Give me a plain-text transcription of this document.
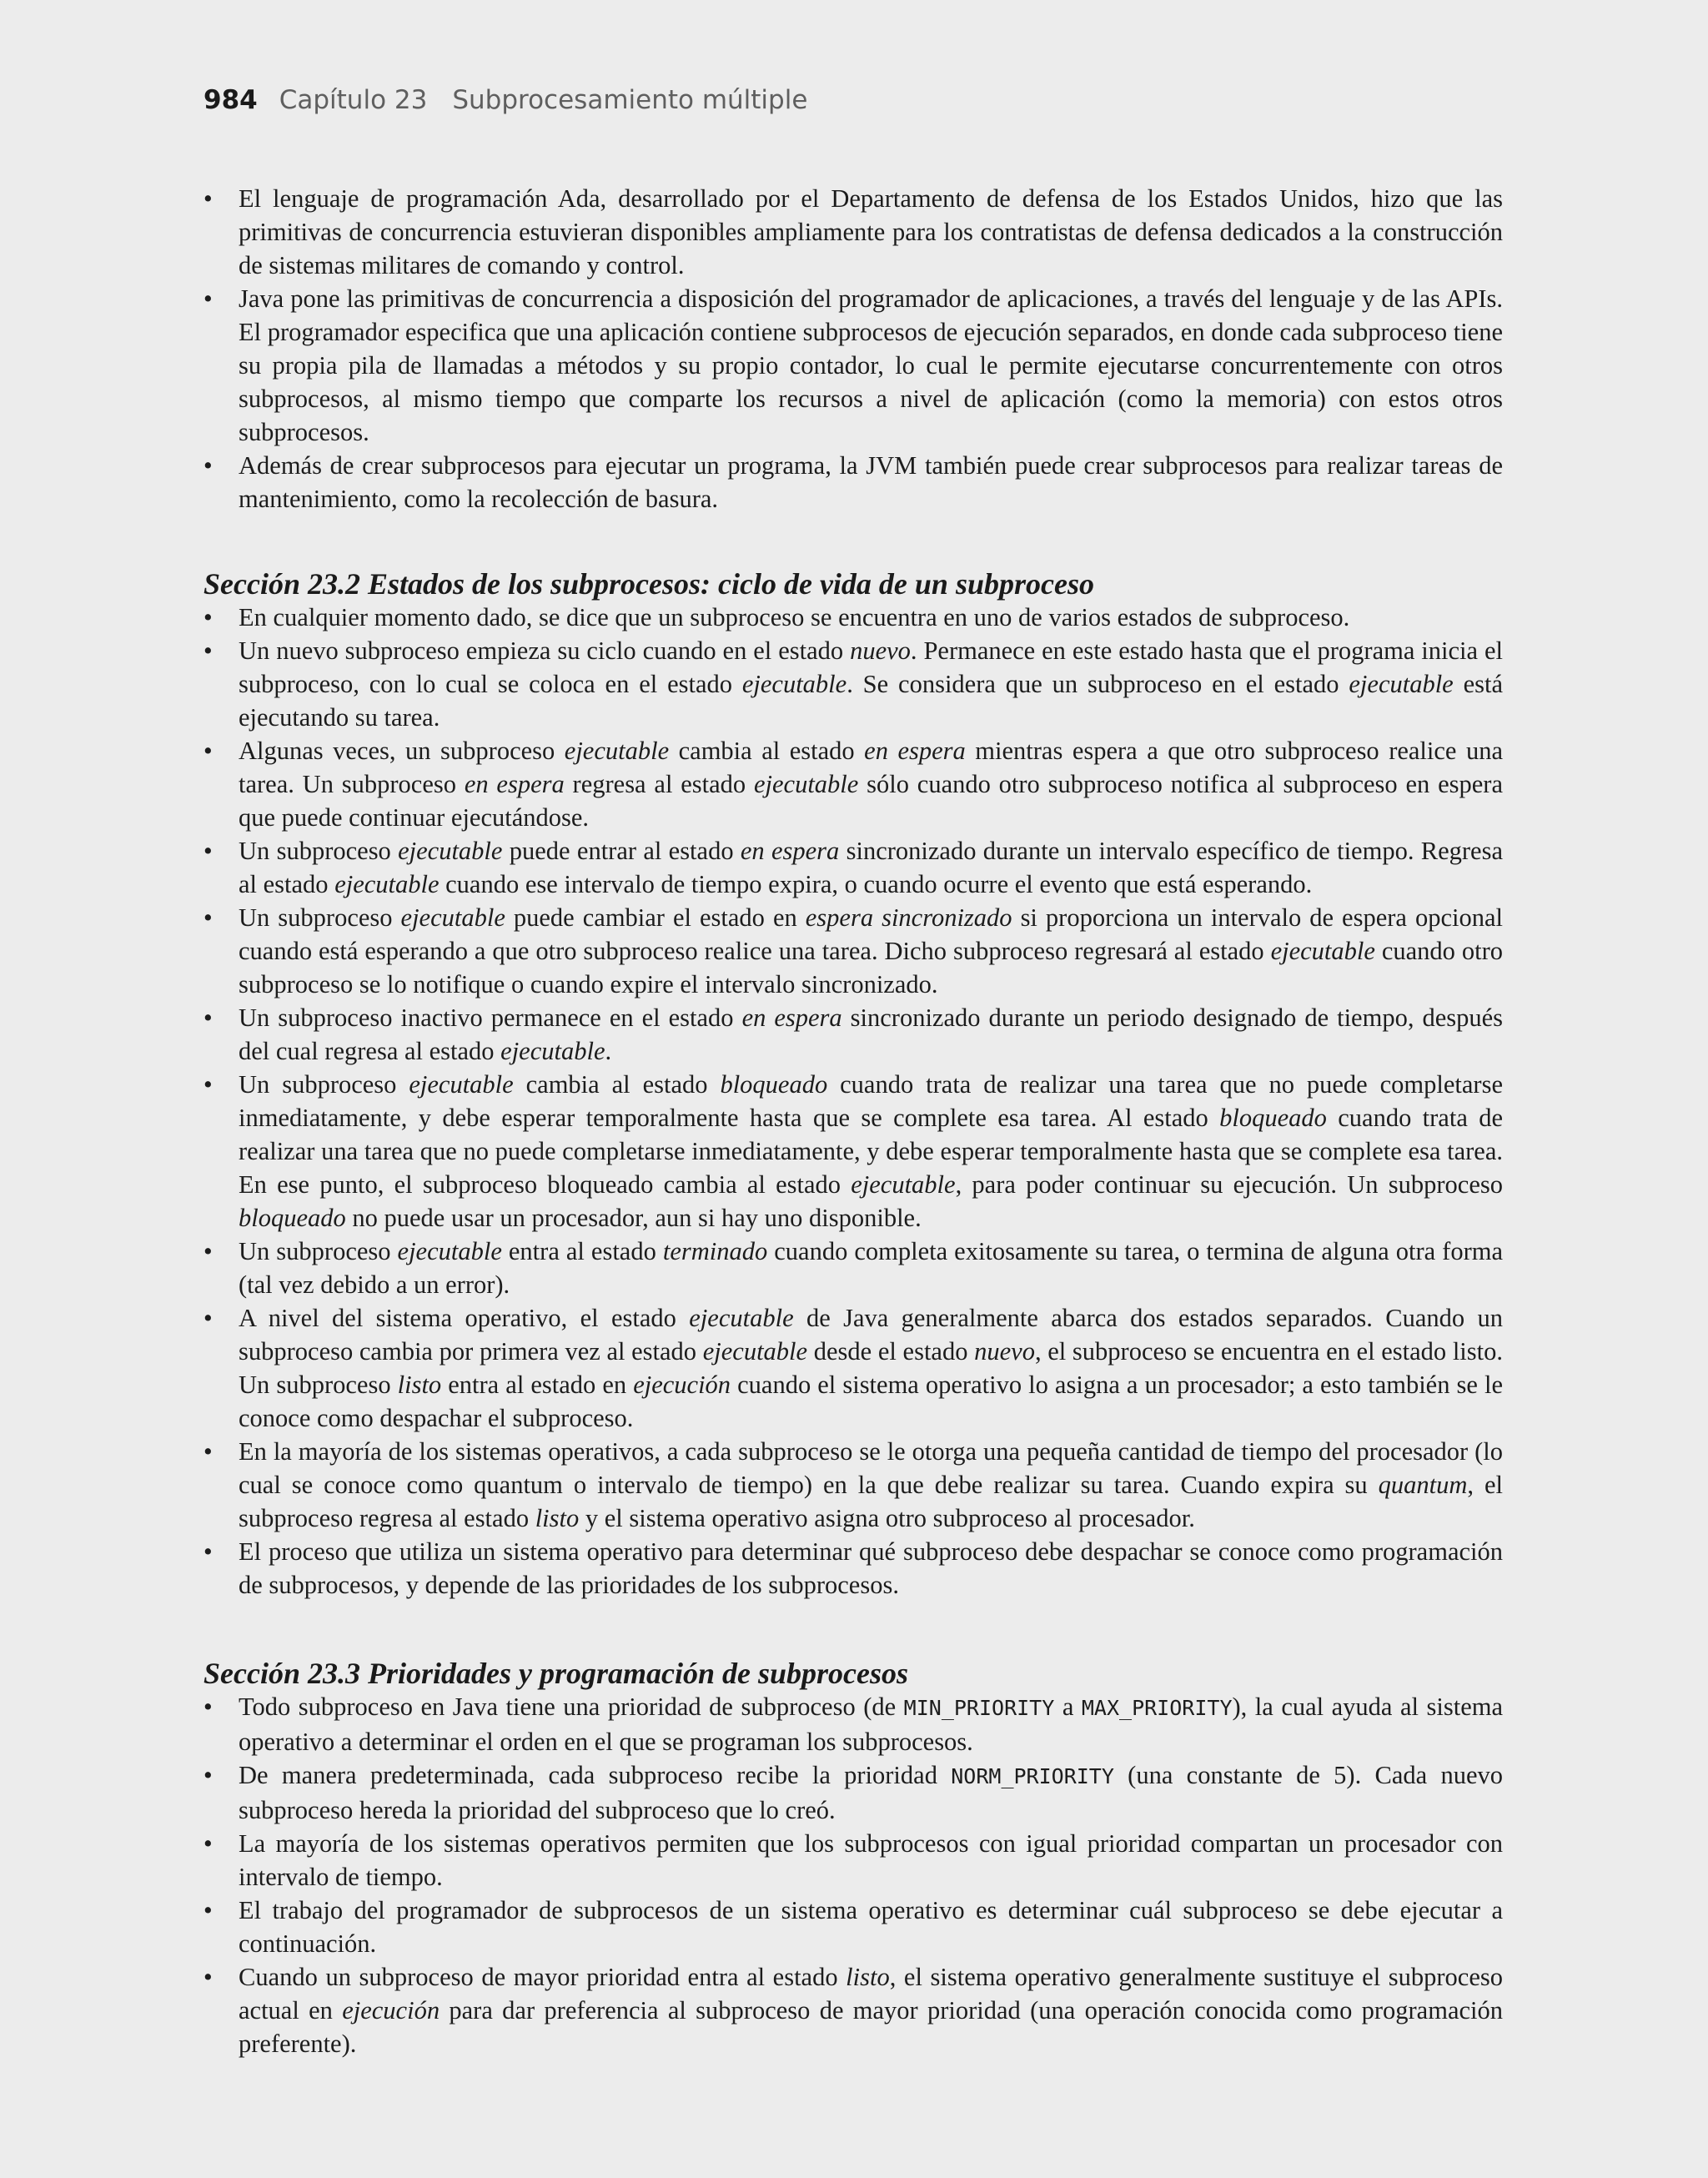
984 Capítulo 23 Subprocesamiento múltiple
• El lenguaje de programación Ada, desarrollado por el Departamento de defensa de los Estados Unidos, hizo que las primitivas de concurrencia estuvieran disponibles ampliamente para los contratistas de defensa dedicados a la construcción de sistemas militares de comando y control.
• Java pone las primitivas de concurrencia a disposición del programador de aplicaciones, a través del lenguaje y de las APIs. El programador especifica que una aplicación contiene subprocesos de ejecución separados, en donde cada subproceso tiene su propia pila de llamadas a métodos y su propio contador, lo cual le permite ejecutarse concurrentemente con otros subprocesos, al mismo tiempo que comparte los recursos a nivel de aplicación (como la memoria) con estos otros subprocesos.
• Además de crear subprocesos para ejecutar un programa, la JVM también puede crear subprocesos para realizar tareas de mantenimiento, como la recolección de basura.
Sección 23.2 Estados de los subprocesos: ciclo de vida de un subproceso
• En cualquier momento dado, se dice que un subproceso se encuentra en uno de varios estados de subproceso.
• Un nuevo subproceso empieza su ciclo cuando en el estado nuevo. Permanece en este estado hasta que el programa inicia el subproceso, con lo cual se coloca en el estado ejecutable. Se considera que un subproceso en el estado ejecutable está ejecutando su tarea.
• Algunas veces, un subproceso ejecutable cambia al estado en espera mientras espera a que otro subproceso realice una tarea. Un subproceso en espera regresa al estado ejecutable sólo cuando otro subproceso notifica al subproceso en espera que puede continuar ejecutándose.
• Un subproceso ejecutable puede entrar al estado en espera sincronizado durante un intervalo específico de tiempo. Regresa al estado ejecutable cuando ese intervalo de tiempo expira, o cuando ocurre el evento que está esperando.
• Un subproceso ejecutable puede cambiar el estado en espera sincronizado si proporciona un intervalo de espera opcional cuando está esperando a que otro subproceso realice una tarea. Dicho subproceso regresará al estado ejecutable cuando otro subproceso se lo notifique o cuando expire el intervalo sincronizado.
• Un subproceso inactivo permanece en el estado en espera sincronizado durante un periodo designado de tiempo, después del cual regresa al estado ejecutable.
• Un subproceso ejecutable cambia al estado bloqueado cuando trata de realizar una tarea que no puede completarse inmediatamente, y debe esperar temporalmente hasta que se complete esa tarea. Al estado bloqueado cuando trata de realizar una tarea que no puede completarse inmediatamente, y debe esperar temporalmente hasta que se complete esa tarea. En ese punto, el subproceso bloqueado cambia al estado ejecutable, para poder continuar su ejecución. Un subproceso bloqueado no puede usar un procesador, aun si hay uno disponible.
• Un subproceso ejecutable entra al estado terminado cuando completa exitosamente su tarea, o termina de alguna otra forma (tal vez debido a un error).
• A nivel del sistema operativo, el estado ejecutable de Java generalmente abarca dos estados separados. Cuando un subproceso cambia por primera vez al estado ejecutable desde el estado nuevo, el subproceso se encuentra en el estado listo. Un subproceso listo entra al estado en ejecución cuando el sistema operativo lo asigna a un procesador; a esto también se le conoce como despachar el subproceso.
• En la mayoría de los sistemas operativos, a cada subproceso se le otorga una pequeña cantidad de tiempo del procesador (lo cual se conoce como quantum o intervalo de tiempo) en la que debe realizar su tarea. Cuando expira su quantum, el subproceso regresa al estado listo y el sistema operativo asigna otro subproceso al procesador.
• El proceso que utiliza un sistema operativo para determinar qué subproceso debe despachar se conoce como programación de subprocesos, y depende de las prioridades de los subprocesos.
Sección 23.3 Prioridades y programación de subprocesos
• Todo subproceso en Java tiene una prioridad de subproceso (de MIN_PRIORITY a MAX_PRIORITY), la cual ayuda al sistema operativo a determinar el orden en el que se programan los subprocesos.
• De manera predeterminada, cada subproceso recibe la prioridad NORM_PRIORITY (una constante de 5). Cada nuevo subproceso hereda la prioridad del subproceso que lo creó.
• La mayoría de los sistemas operativos permiten que los subprocesos con igual prioridad compartan un procesador con intervalo de tiempo.
• El trabajo del programador de subprocesos de un sistema operativo es determinar cuál subproceso se debe ejecutar a continuación.
• Cuando un subproceso de mayor prioridad entra al estado listo, el sistema operativo generalmente sustituye el subproceso actual en ejecución para dar preferencia al subproceso de mayor prioridad (una operación conocida como programación preferente).
